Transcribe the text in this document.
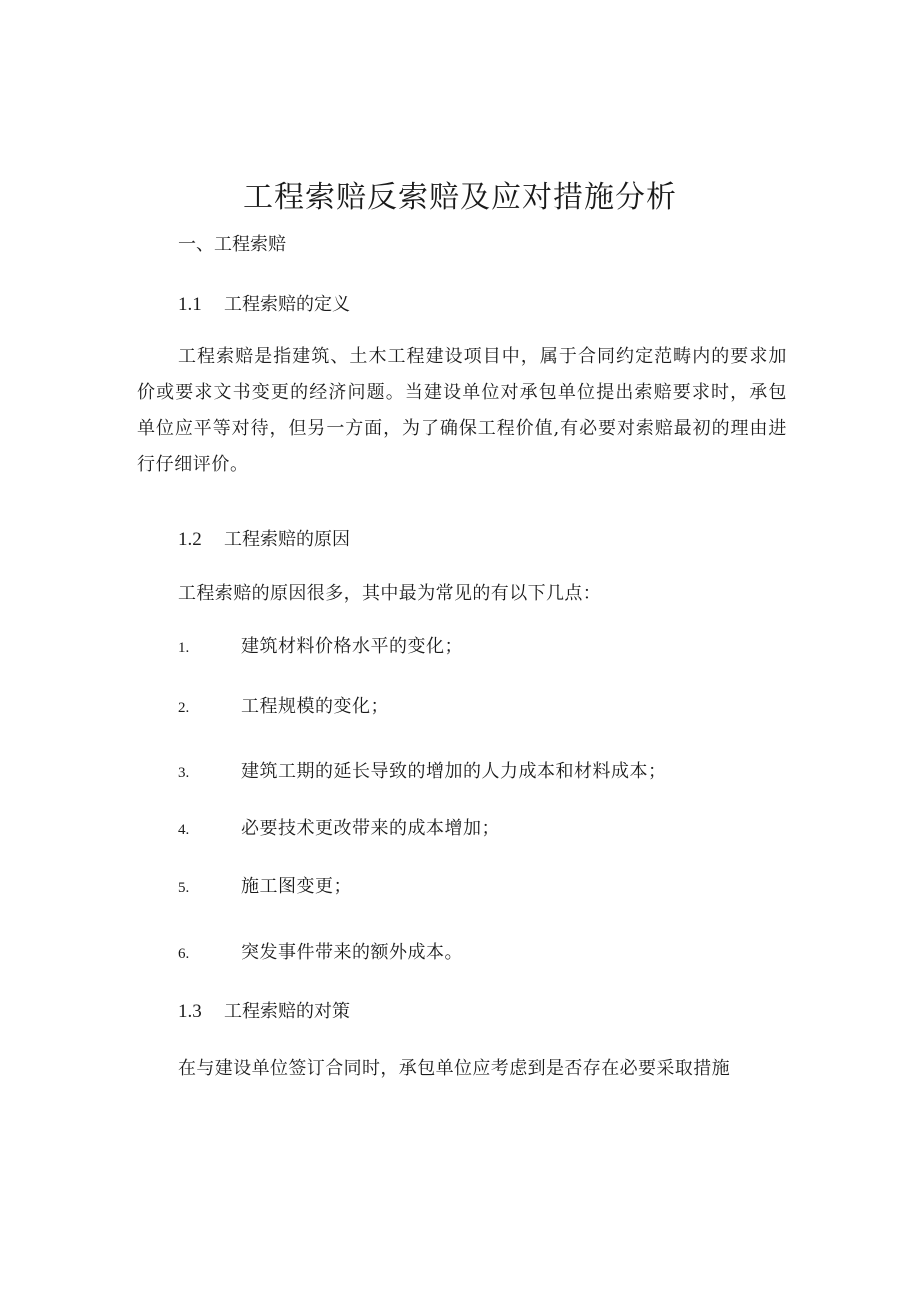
工程索赔反索赔及应对措施分析

一、工程索赔

1.1 工程索赔的定义

工程索赔是指建筑、土木工程建设项目中，属于合同约定范畴内的要求加价或要求文书变更的经济问题。当建设单位对承包单位提出索赔要求时，承包单位应平等对待，但另一方面，为了确保工程价值,有必要对索赔最初的理由进行仔细评价。

1.2 工程索赔的原因

工程索赔的原因很多，其中最为常见的有以下几点：

1.	建筑材料价格水平的变化；

2.	工程规模的变化；

3.	建筑工期的延长导致的增加的人力成本和材料成本；

4.	必要技术更改带来的成本增加；

5.	施工图变更；

6.	突发事件带来的额外成本。

1.3 工程索赔的对策

在与建设单位签订合同时，承包单位应考虑到是否存在必要采取措施
